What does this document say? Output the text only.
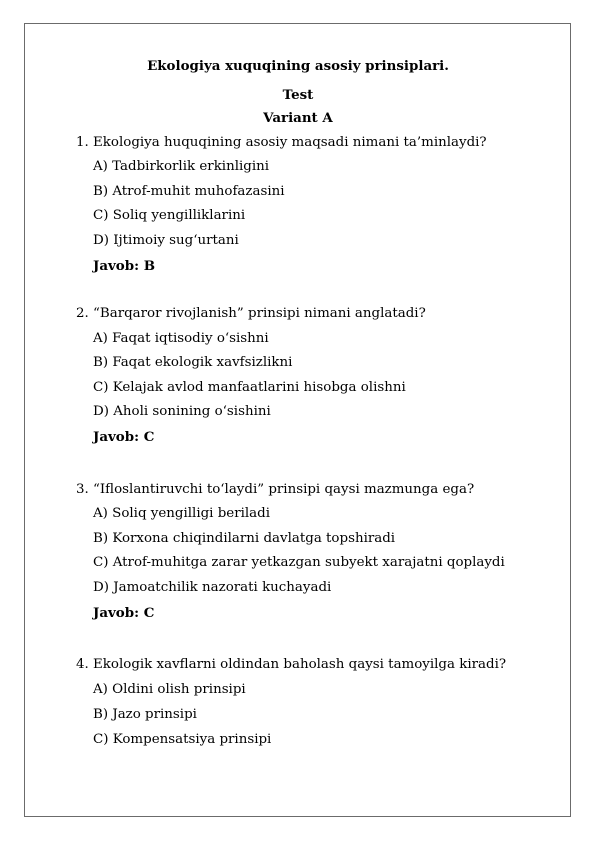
Ekologiya xuquqining asosiy prinsiplari.
Test
Variant A
1. Ekologiya huquqining asosiy maqsadi nimani ta’minlaydi?
A) Tadbirkorlik erkinligini
B) Atrof-muhit muhofazasini
C) Soliq yengilliklarini
D) Ijtimoiy sug‘urtani
Javob: B
2. “Barqaror rivojlanish” prinsipi nimani anglatadi?
A) Faqat iqtisodiy o‘sishni
B) Faqat ekologik xavfsizlikni
C) Kelajak avlod manfaatlarini hisobga olishni
D) Aholi sonining o‘sishini
Javob: C
3. “Ifloslantiruvchi to‘laydi” prinsipi qaysi mazmunga ega?
A) Soliq yengilligi beriladi
B) Korxona chiqindilarni davlatga topshiradi
C) Atrof-muhitga zarar yetkazgan subyekt xarajatni qoplaydi
D) Jamoatchilik nazorati kuchayadi
Javob: C
4. Ekologik xavflarni oldindan baholash qaysi tamoyilga kiradi?
A) Oldini olish prinsipi
B) Jazo prinsipi
C) Kompensatsiya prinsipi
